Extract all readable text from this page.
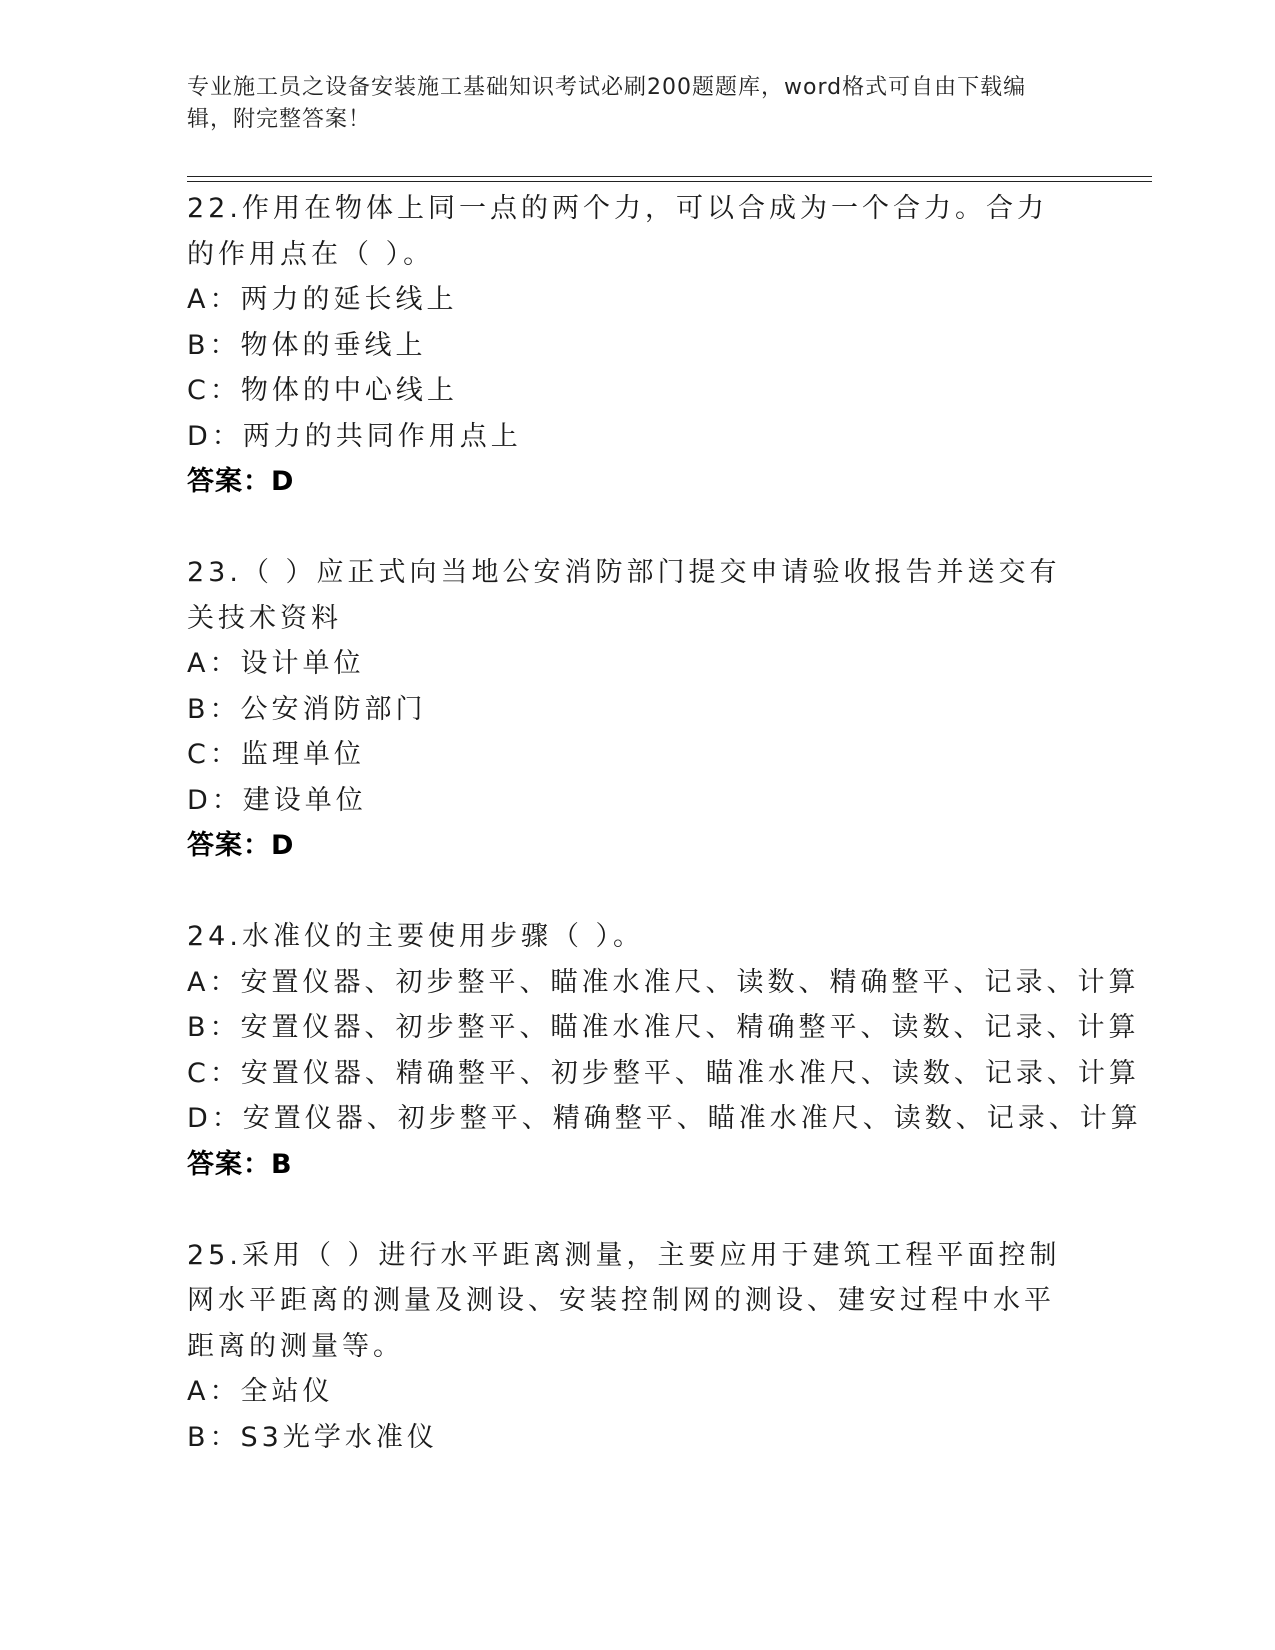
专业施工员之设备安装施工基础知识考试必刷200题题库，word格式可自由下载编辑，附完整答案！
22.作用在物体上同一点的两个力，可以合成为一个合力。合力的作用点在（ ）。
A：两力的延长线上
B：物体的垂线上
C：物体的中心线上
D：两力的共同作用点上
答案：D
23.（ ）应正式向当地公安消防部门提交申请验收报告并送交有关技术资料
A：设计单位
B：公安消防部门
C：监理单位
D：建设单位
答案：D
24.水准仪的主要使用步骤（ ）。
A：安置仪器、初步整平、瞄准水准尺、读数、精确整平、记录、计算
B：安置仪器、初步整平、瞄准水准尺、精确整平、读数、记录、计算
C：安置仪器、精确整平、初步整平、瞄准水准尺、读数、记录、计算
D：安置仪器、初步整平、精确整平、瞄准水准尺、读数、记录、计算
答案：B
25.采用（ ）进行水平距离测量，主要应用于建筑工程平面控制网水平距离的测量及测设、安装控制网的测设、建安过程中水平距离的测量等。
A：全站仪
B：S3光学水准仪
